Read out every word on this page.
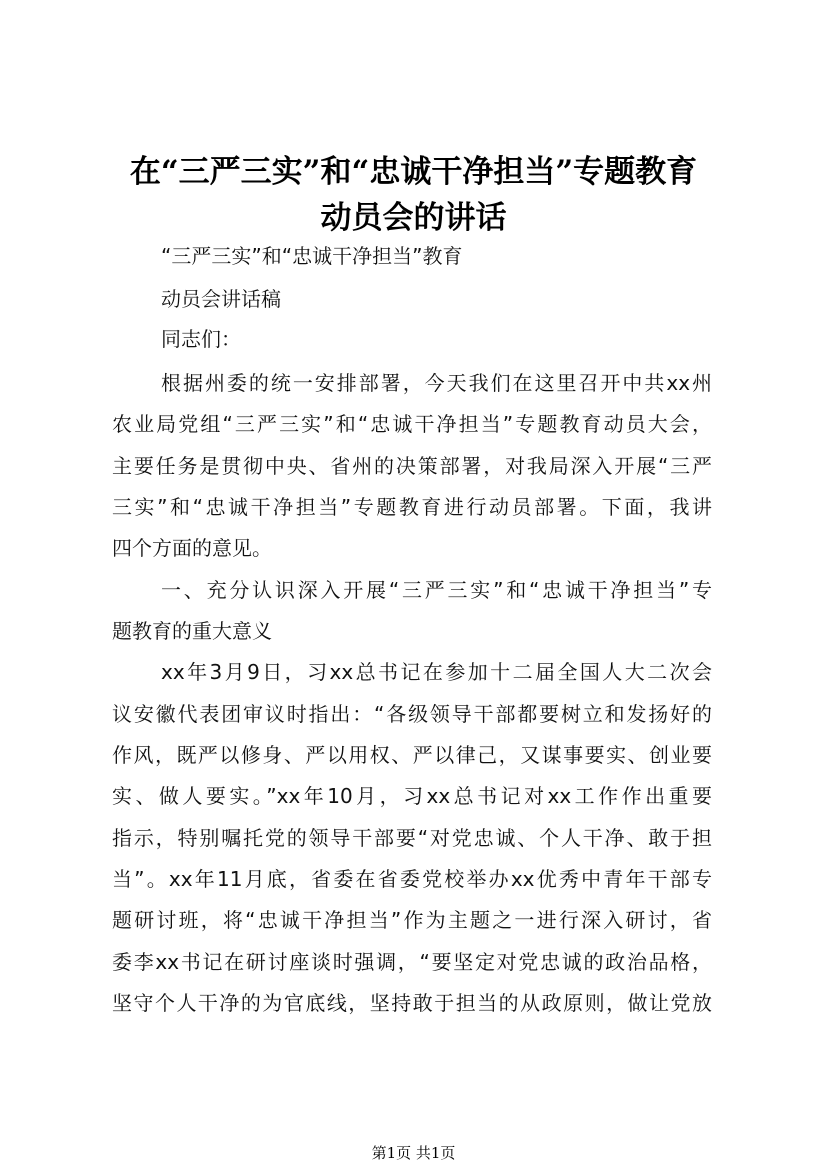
在“三严三实”和“忠诚干净担当”专题教育
动员会的讲话
“三严三实”和“忠诚干净担当”教育
动员会讲话稿
同志们：
根据州委的统一安排部署，今天我们在这里召开中共xx州
农业局党组“三严三实”和“忠诚干净担当”专题教育动员大会，
主要任务是贯彻中央、省州的决策部署，对我局深入开展“三严
三实”和“忠诚干净担当”专题教育进行动员部署。下面，我讲
四个方面的意见。
一、充分认识深入开展“三严三实”和“忠诚干净担当”专
题教育的重大意义
xx年3月9日，习xx总书记在参加十二届全国人大二次会
议安徽代表团审议时指出：“各级领导干部都要树立和发扬好的
作风，既严以修身、严以用权、严以律己，又谋事要实、创业要
实、做人要实。”xx年10月，习xx总书记对xx工作作出重要
指示，特别嘱托党的领导干部要“对党忠诚、个人干净、敢于担
当”。xx年11月底，省委在省委党校举办xx优秀中青年干部专
题研讨班，将“忠诚干净担当”作为主题之一进行深入研讨，省
委李xx书记在研讨座谈时强调，“要坚定对党忠诚的政治品格，
坚守个人干净的为官底线，坚持敢于担当的从政原则，做让党放
第1页 共1页
